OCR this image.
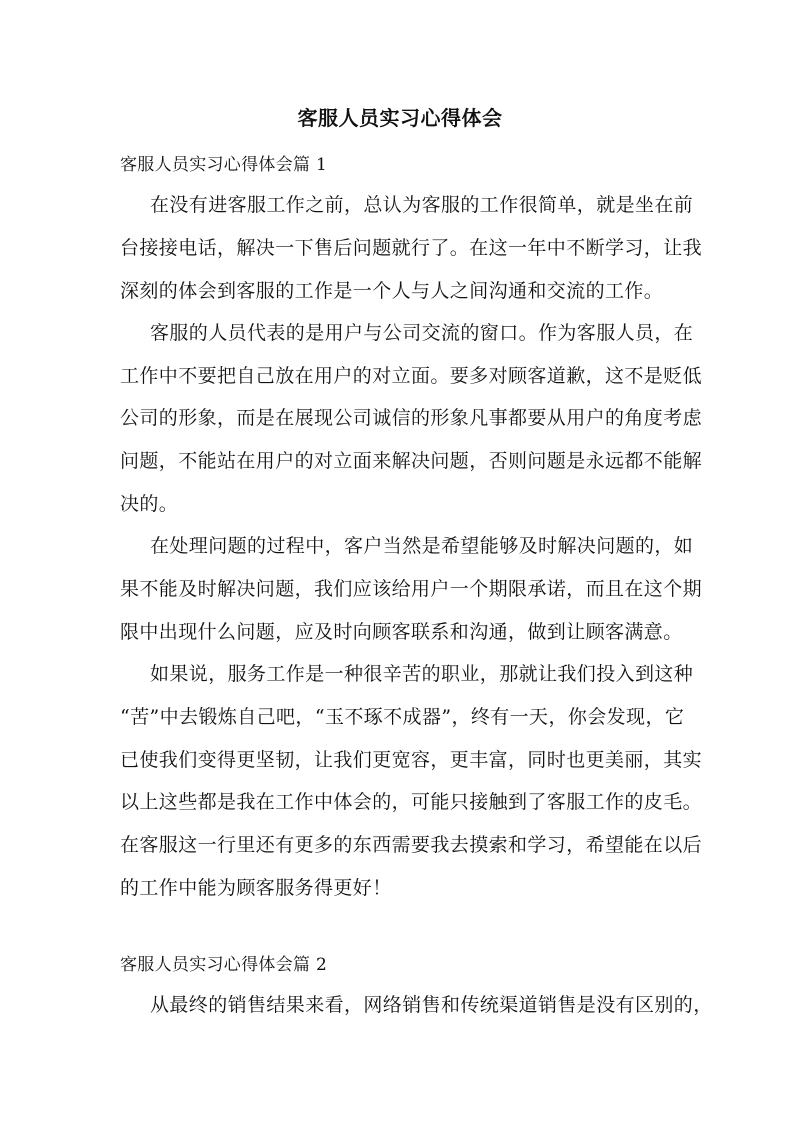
客服人员实习心得体会
客服人员实习心得体会篇 1
在没有进客服工作之前，总认为客服的工作很简单，就是坐在前
台接接电话，解决一下售后问题就行了。在这一年中不断学习，让我
深刻的体会到客服的工作是一个人与人之间沟通和交流的工作。
客服的人员代表的是用户与公司交流的窗口。作为客服人员，在
工作中不要把自己放在用户的对立面。要多对顾客道歉，这不是贬低
公司的形象，而是在展现公司诚信的形象凡事都要从用户的角度考虑
问题，不能站在用户的对立面来解决问题，否则问题是永远都不能解
决的。
在处理问题的过程中，客户当然是希望能够及时解决问题的，如
果不能及时解决问题，我们应该给用户一个期限承诺，而且在这个期
限中出现什么问题，应及时向顾客联系和沟通，做到让顾客满意。
如果说，服务工作是一种很辛苦的职业，那就让我们投入到这种
“苦”中去锻炼自己吧，“玉不琢不成器”，终有一天，你会发现，它
已使我们变得更坚韧，让我们更宽容，更丰富，同时也更美丽，其实
以上这些都是我在工作中体会的，可能只接触到了客服工作的皮毛。
在客服这一行里还有更多的东西需要我去摸索和学习，希望能在以后
的工作中能为顾客服务得更好！
客服人员实习心得体会篇 2
从最终的销售结果来看，网络销售和传统渠道销售是没有区别的，
